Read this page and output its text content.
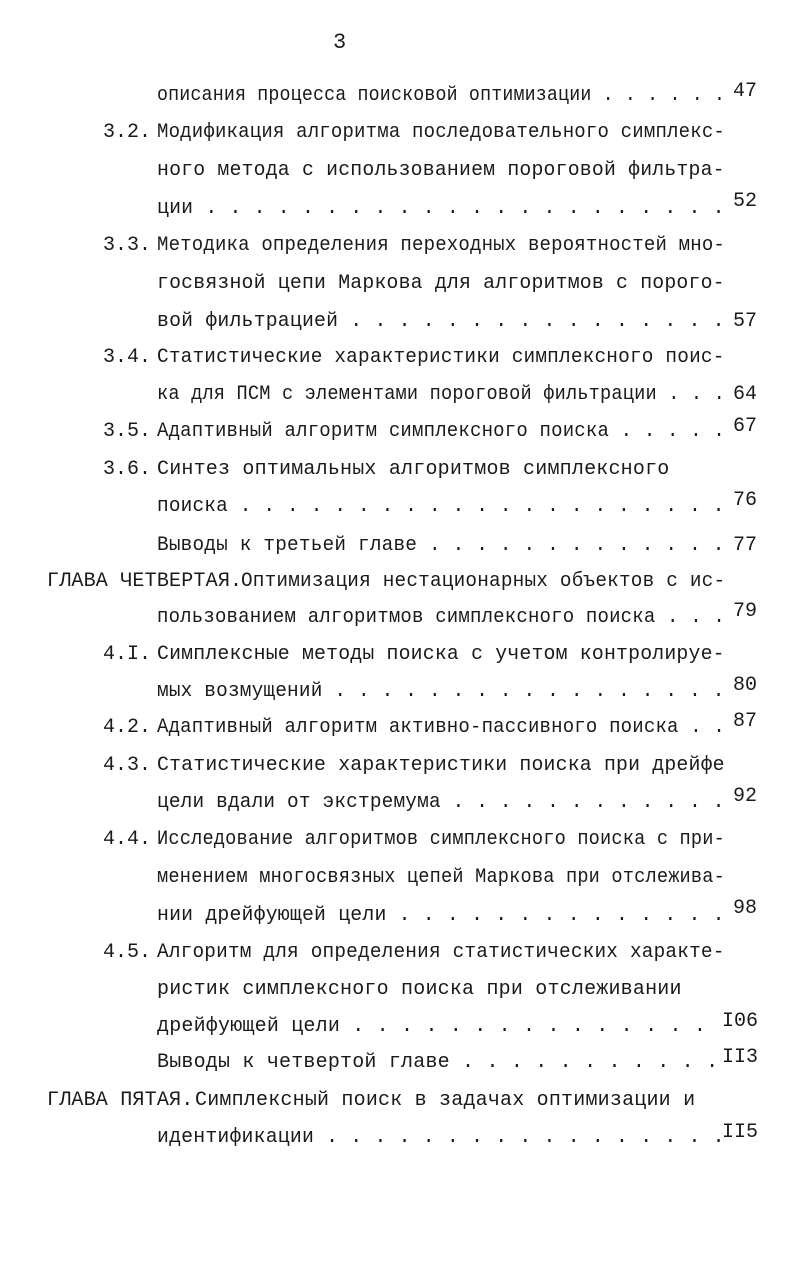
3
описания процесса поисковой оптимизации . . . . . . 47
3.2. Модификация алгоритма последовательного симплекс-
ного метода с использованием пороговой фильтра-
ции . . . . . . . . . . . . . . . . . . . . . . 52
3.3. Методика определения переходных вероятностей мно-
госвязной цепи Маркова для алгоритмов с порого-
вой фильтрацией . . . . . . . . . . . . . . . . 57
3.4. Статистические характеристики симплексного поис-
ка для ПСМ с элементами пороговой фильтрации . . . 64
3.5. Адаптивный алгоритм симплексного поиска . . . . . 67
3.6. Синтез оптимальных алгоритмов симплексного
поиска . . . . . . . . . . . . . . . . . . . . . 76
Выводы к третьей главе . . . . . . . . . . . . . 77
ГЛАВА ЧЕТВЕРТАЯ.
Оптимизация нестационарных объектов с ис-
пользованием алгоритмов симплексного поиска . . . 79
4.I. Симплексные методы поиска с учетом контролируе-
мых возмущений . . . . . . . . . . . . . . . . . 80
4.2. Адаптивный алгоритм активно-пассивного поиска . . 87
4.3. Статистические характеристики поиска при дрейфе
цели вдали от экстремума . . . . . . . . . . . . 92
4.4. Исследование алгоритмов симплексного поиска с при-
менением многосвязных цепей Маркова при отслежива-
нии дрейфующей цели . . . . . . . . . . . . . . 98
4.5. Алгоритм для определения статистических характе-
ристик симплексного поиска при отслеживании
дрейфующей цели . . . . . . . . . . . . . . . I06
Выводы к четвертой главе . . . . . . . . . . . II3
ГЛАВА ПЯТАЯ. Симплексный поиск в задачах оптимизации и
идентификации . . . . . . . . . . . . . . . . .
II5
